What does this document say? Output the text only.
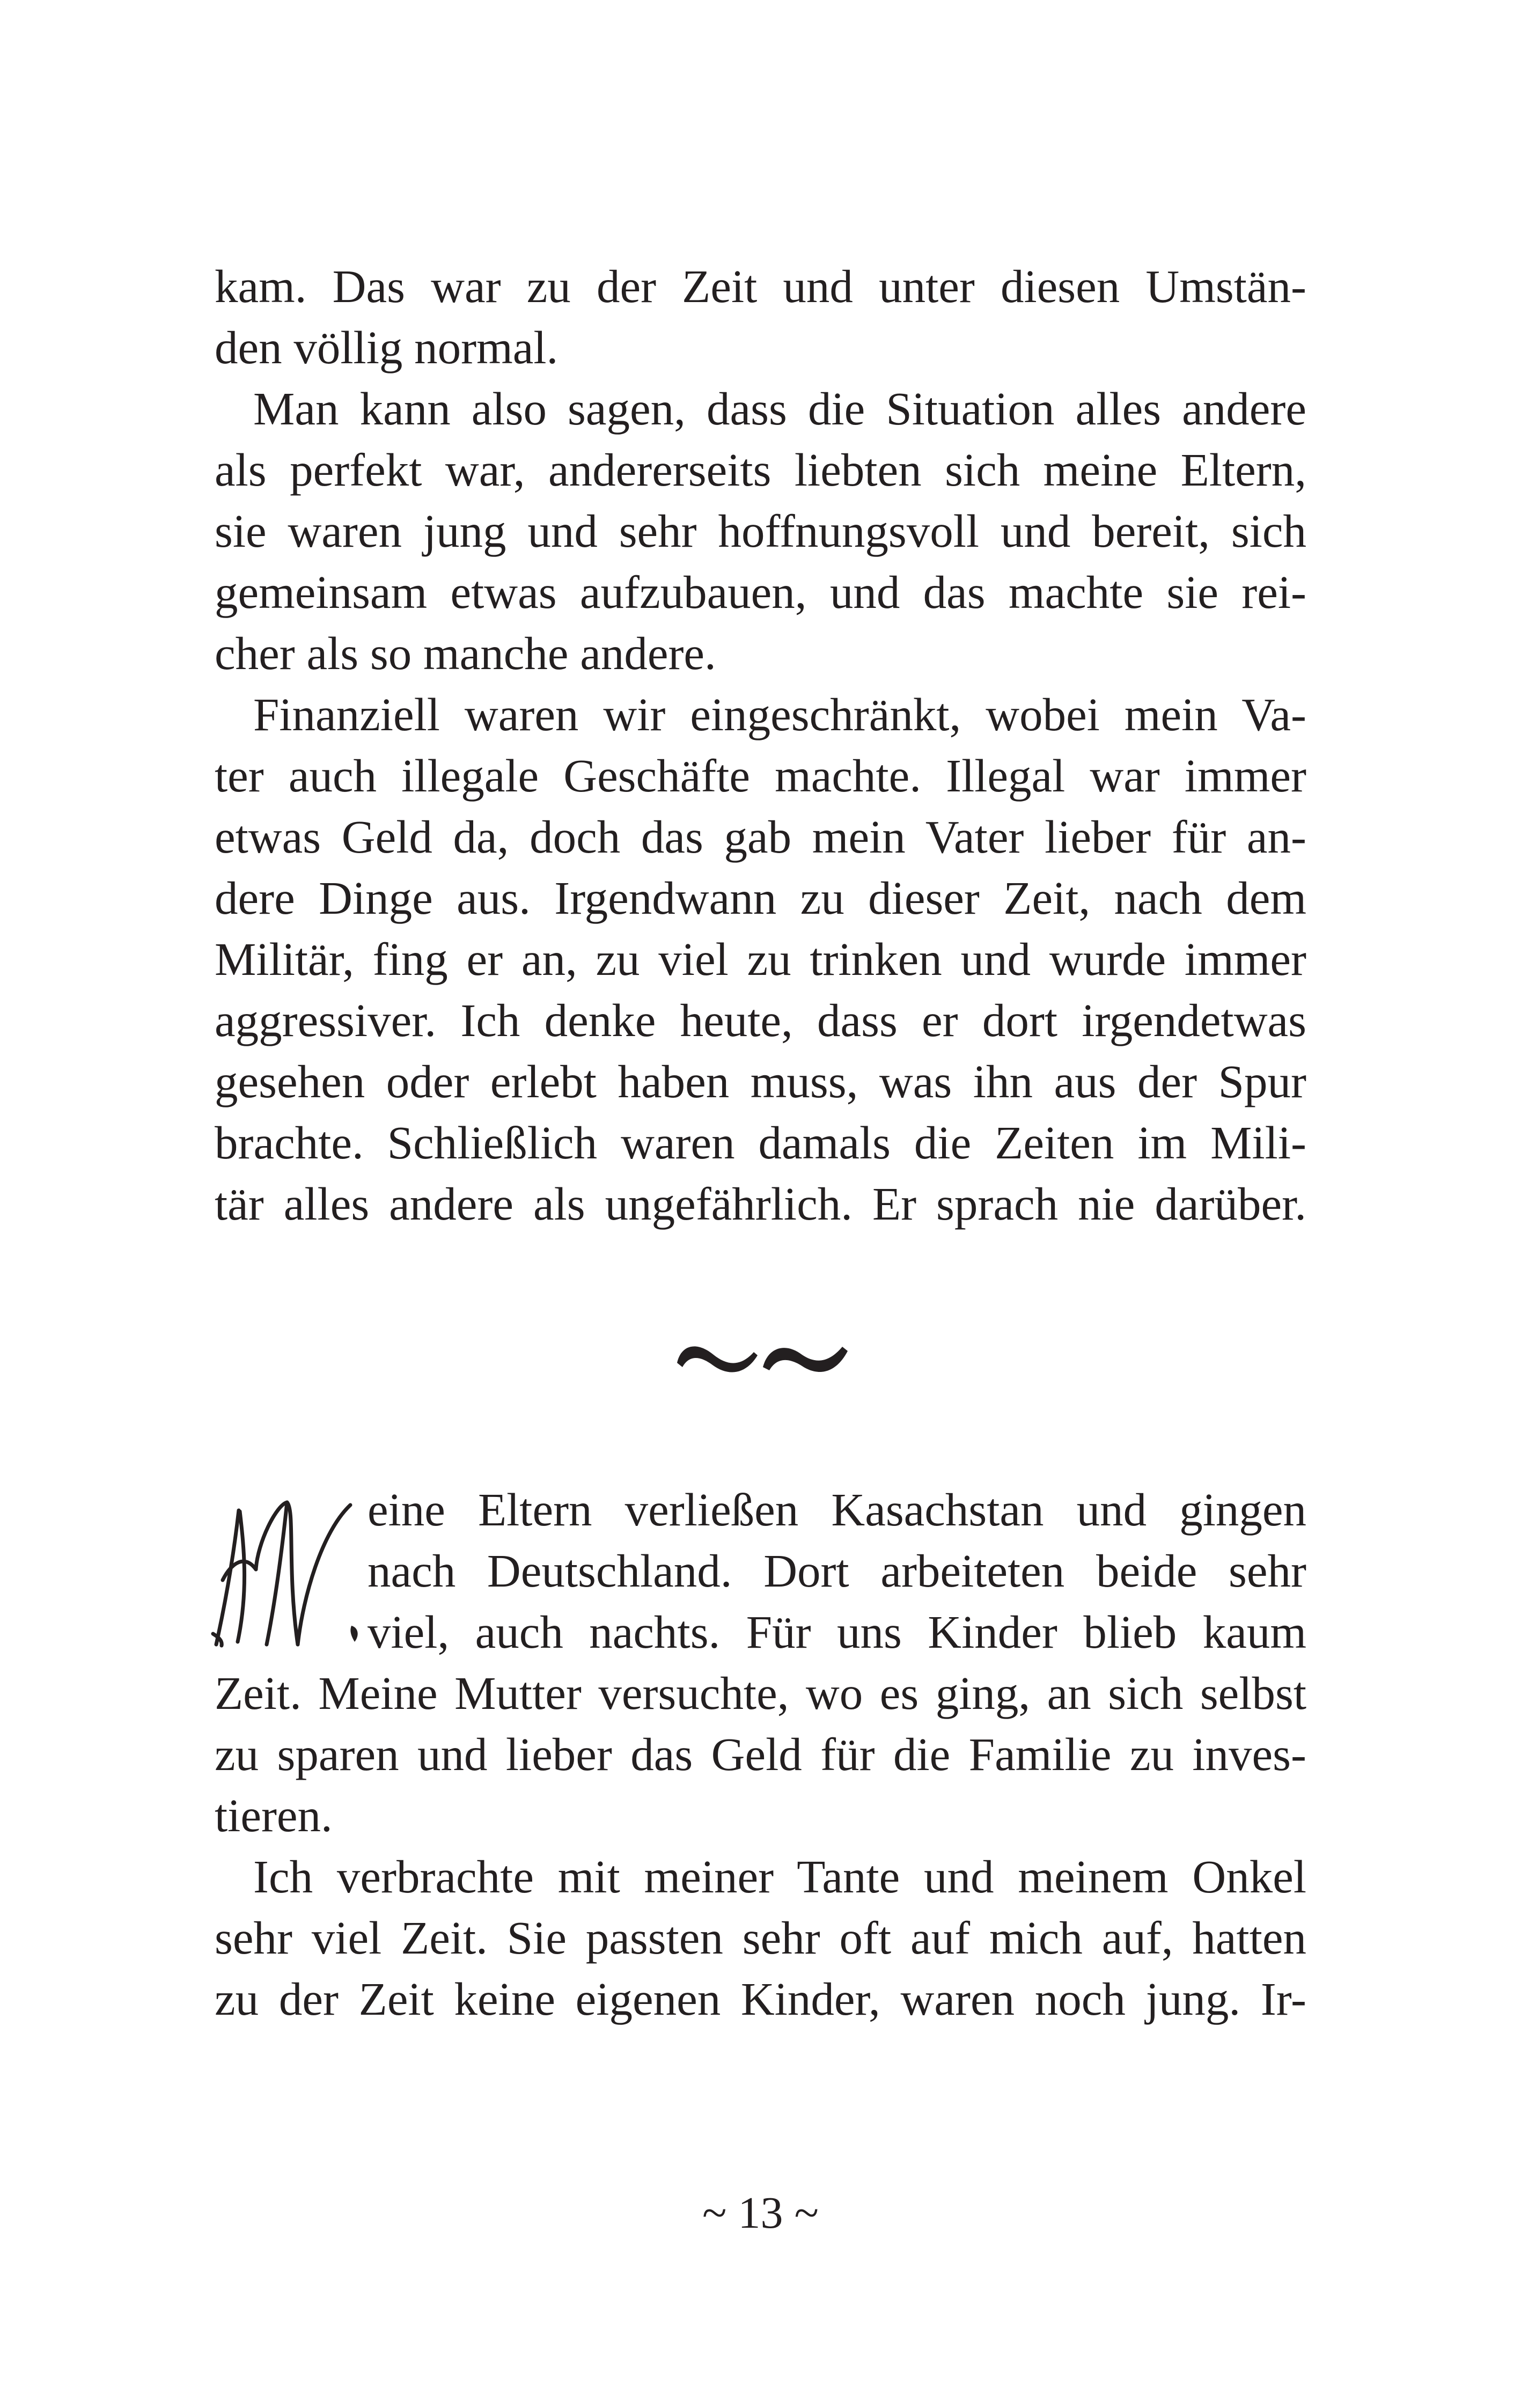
kam. Das war zu der Zeit und unter diesen Umstän-
den völlig normal.
Man kann also sagen, dass die Situation alles andere
als perfekt war, andererseits liebten sich meine Eltern,
sie waren jung und sehr hoffnungsvoll und bereit, sich
gemeinsam etwas aufzubauen, und das machte sie rei-
cher als so manche andere.
Finanziell waren wir eingeschränkt, wobei mein Va-
ter auch illegale Geschäfte machte. Illegal war immer
etwas Geld da, doch das gab mein Vater lieber für an-
dere Dinge aus. Irgendwann zu dieser Zeit, nach dem
Militär, fing er an, zu viel zu trinken und wurde immer
aggressiver. Ich denke heute, dass er dort irgendetwas
gesehen oder erlebt haben muss, was ihn aus der Spur
brachte. Schließlich waren damals die Zeiten im Mili-
tär alles andere als ungefährlich. Er sprach nie darüber.
eine Eltern verließen Kasachstan und gingen
nach Deutschland. Dort arbeiteten beide sehr
viel, auch nachts. Für uns Kinder blieb kaum
Zeit. Meine Mutter versuchte, wo es ging, an sich selbst
zu sparen und lieber das Geld für die Familie zu inves-
tieren.
Ich verbrachte mit meiner Tante und meinem Onkel
sehr viel Zeit. Sie passten sehr oft auf mich auf, hatten
zu der Zeit keine eigenen Kinder, waren noch jung. Ir-
~ 13 ~
